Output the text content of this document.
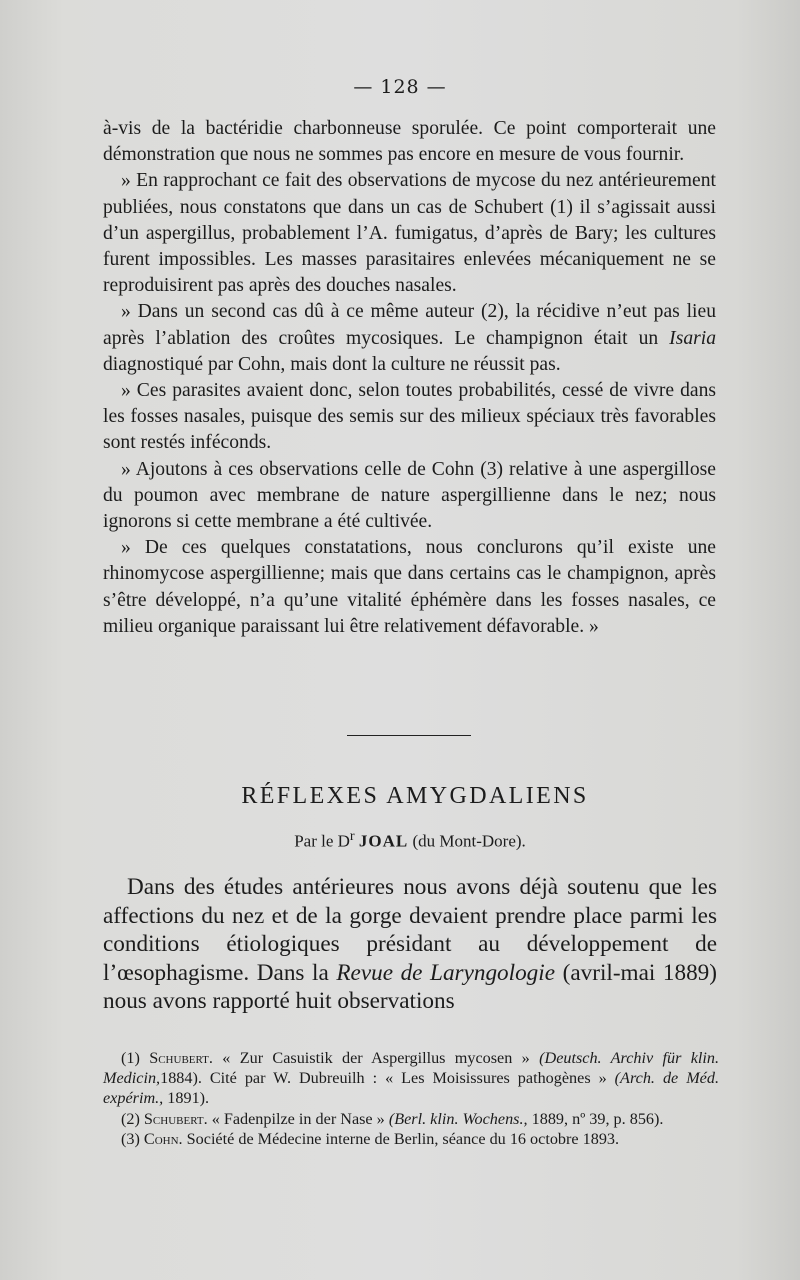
— 128 —

à-vis de la bactéridie charbonneuse sporulée. Ce point comporterait une démonstration que nous ne sommes pas encore en mesure de vous fournir.

» En rapprochant ce fait des observations de mycose du nez antérieurement publiées, nous constatons que dans un cas de Schubert (1) il s’agissait aussi d’un aspergillus, probablement l’A. fumigatus, d’après de Bary; les cultures furent impossibles. Les masses parasitaires enlevées mécaniquement ne se reproduisirent pas après des douches nasales.

» Dans un second cas dû à ce même auteur (2), la récidive n’eut pas lieu après l’ablation des croûtes mycosiques. Le champignon était un Isaria diagnostiqué par Cohn, mais dont la culture ne réussit pas.

» Ces parasites avaient donc, selon toutes probabilités, cessé de vivre dans les fosses nasales, puisque des semis sur des milieux spéciaux très favorables sont restés inféconds.

» Ajoutons à ces observations celle de Cohn (3) relative à une aspergillose du poumon avec membrane de nature aspergillienne dans le nez; nous ignorons si cette membrane a été cultivée.

» De ces quelques constatations, nous conclurons qu’il existe une rhinomycose aspergillienne; mais que dans certains cas le champignon, après s’être développé, n’a qu’une vitalité éphémère dans les fosses nasales, ce milieu organique paraissant lui être relativement défavorable. »

RÉFLEXES AMYGDALIENS
Par le $D^r$ JOAL (du Mont-Dore).

Dans des études antérieures nous avons déjà soutenu que les affections du nez et de la gorge devaient prendre place parmi les conditions étiologiques présidant au développement de l’œsophagisme. Dans la Revue de Laryngologie (avril-mai 1889) nous avons rapporté huit observations

(1) Schubert. « Zur Casuistik der Aspergillus mycosen » (Deutsch. Archiv für klin. Medicin,1884). Cité par W. Dubreuilh : « Les Moisissures pathogènes » (Arch. de Méd. expérim., 1891).

(2) Schubert. « Fadenpilze in der Nase » (Berl. klin. Wochens., 1889, nº 39, p. 856).

(3) Cohn. Société de Médecine interne de Berlin, séance du 16 octobre 1893.
